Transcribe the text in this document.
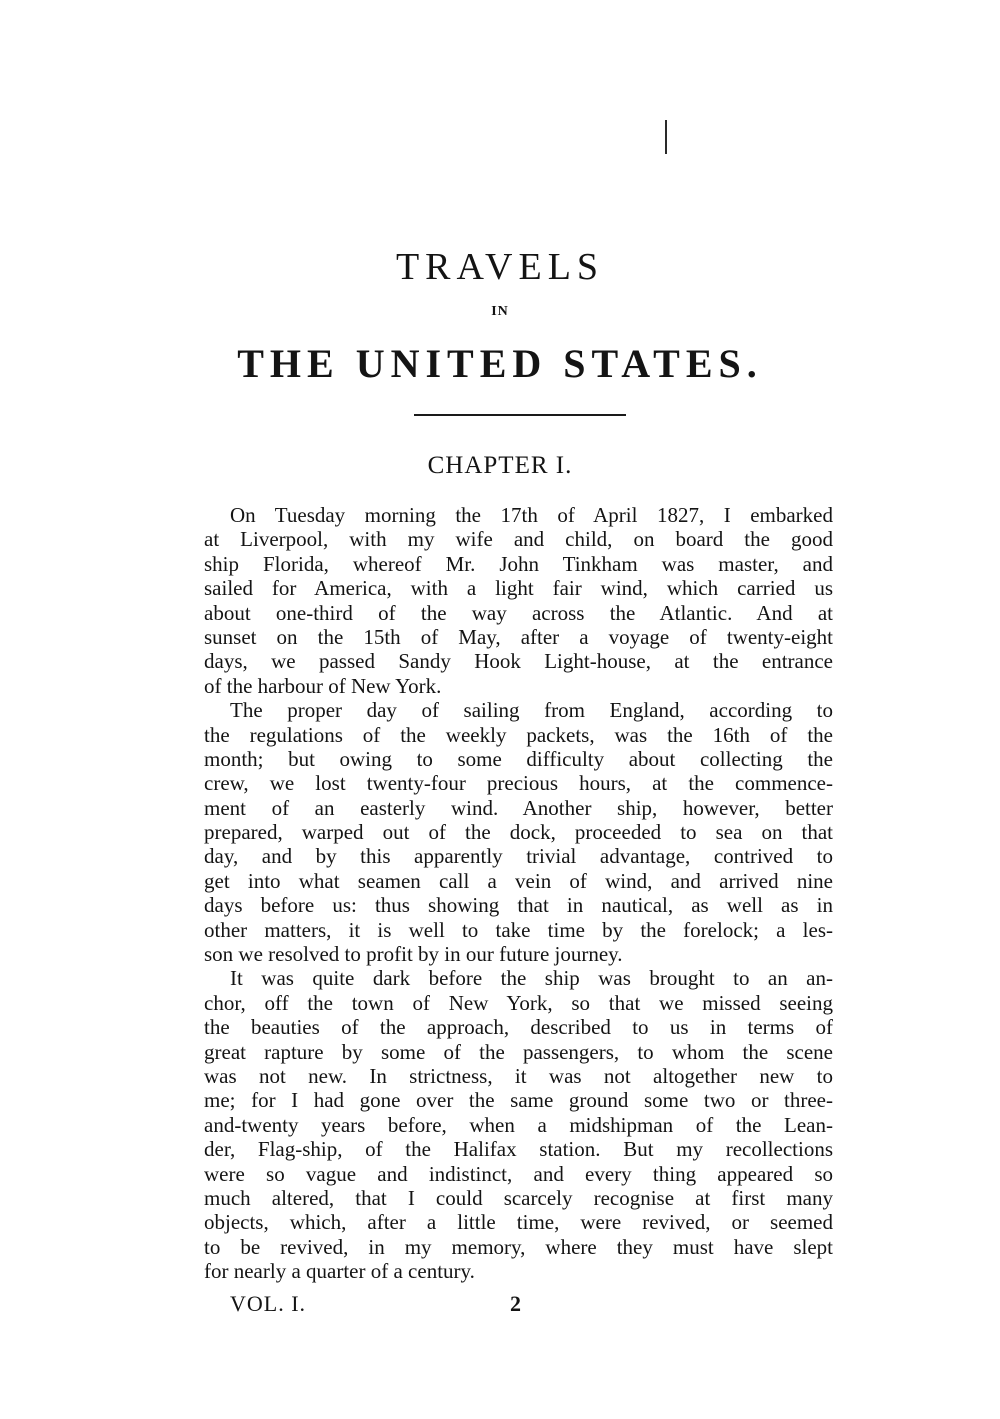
TRAVELS
IN
THE UNITED STATES.
CHAPTER I.
On Tuesday morning the 17th of April 1827, I embarked
at Liverpool, with my wife and child, on board the good
ship Florida, whereof Mr. John Tinkham was master, and
sailed for America, with a light fair wind, which carried us
about one-third of the way across the Atlantic. And at
sunset on the 15th of May, after a voyage of twenty-eight
days, we passed Sandy Hook Light-house, at the entrance
of the harbour of New York.
The proper day of sailing from England, according to
the regulations of the weekly packets, was the 16th of the
month; but owing to some difficulty about collecting the
crew, we lost twenty-four precious hours, at the commence-
ment of an easterly wind. Another ship, however, better
prepared, warped out of the dock, proceeded to sea on that
day, and by this apparently trivial advantage, contrived to
get into what seamen call a vein of wind, and arrived nine
days before us: thus showing that in nautical, as well as in
other matters, it is well to take time by the forelock; a les-
son we resolved to profit by in our future journey.
It was quite dark before the ship was brought to an an-
chor, off the town of New York, so that we missed seeing
the beauties of the approach, described to us in terms of
great rapture by some of the passengers, to whom the scene
was not new. In strictness, it was not altogether new to
me; for I had gone over the same ground some two or three-
and-twenty years before, when a midshipman of the Lean-
der, Flag-ship, of the Halifax station. But my recollections
were so vague and indistinct, and every thing appeared so
much altered, that I could scarcely recognise at first many
objects, which, after a little time, were revived, or seemed
to be revived, in my memory, where they must have slept
for nearly a quarter of a century.
VOL. I.	2
